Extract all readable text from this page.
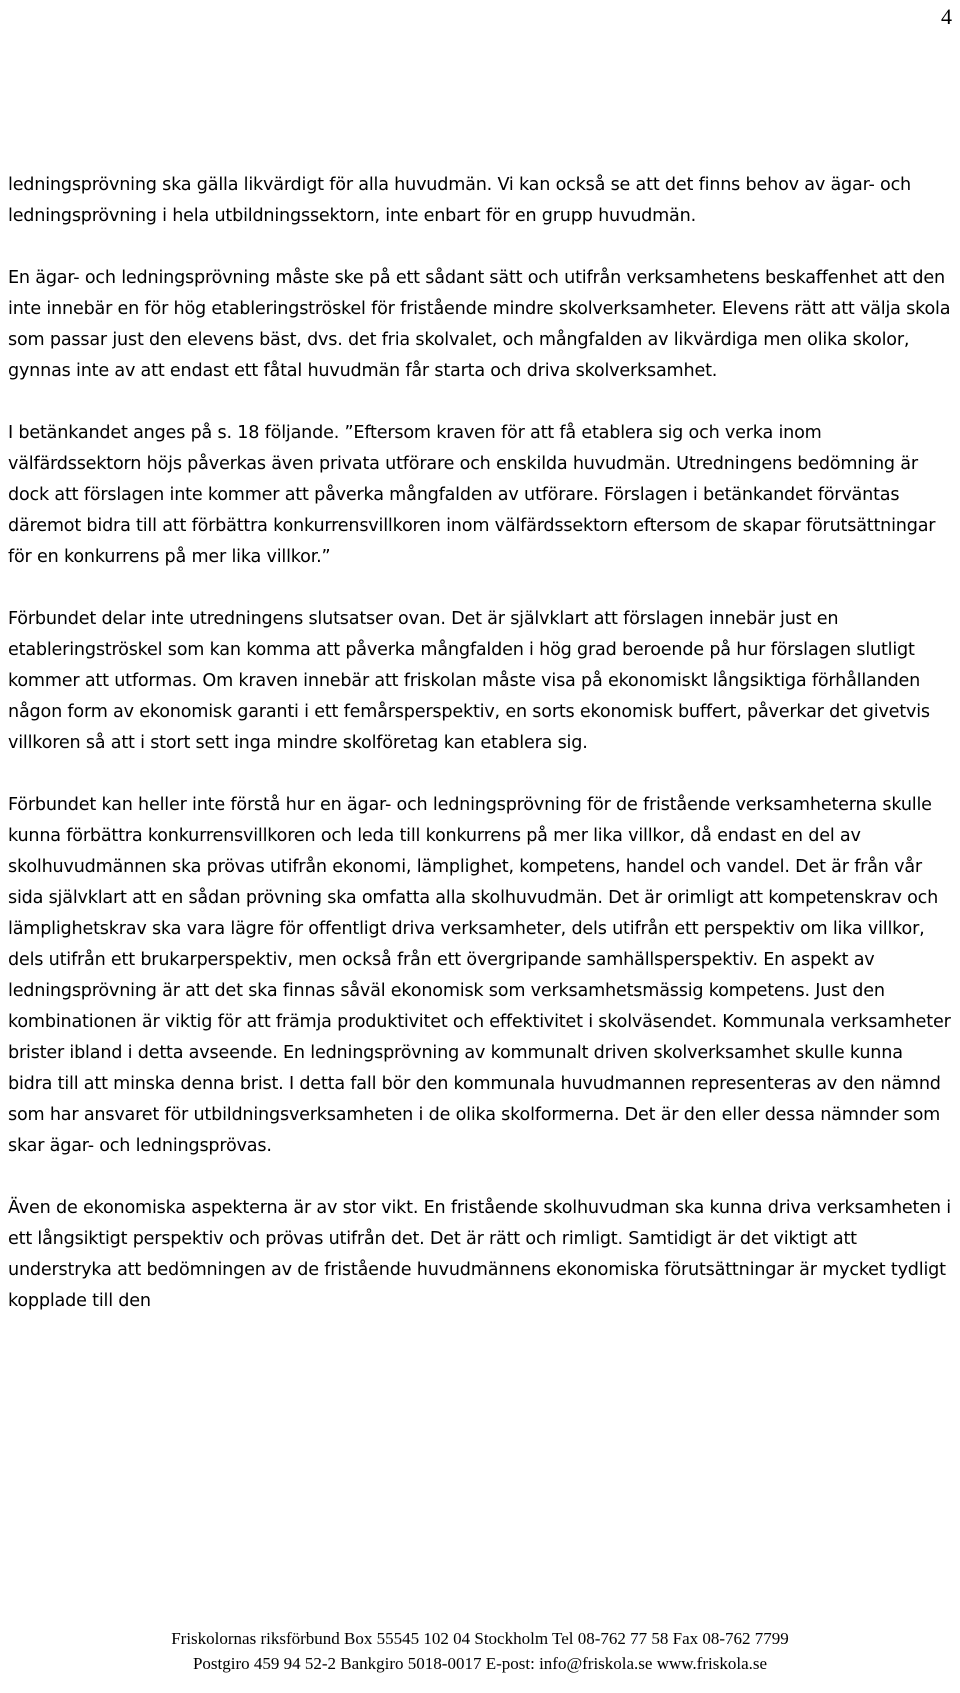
4

ledningsprövning ska gälla likvärdigt för alla huvudmän. Vi kan också se att det finns behov av ägar- och ledningsprövning i hela utbildningssektorn, inte enbart för en grupp huvudmän.

En ägar- och ledningsprövning måste ske på ett sådant sätt och utifrån verksamhetens beskaffenhet att den inte innebär en för hög etableringströskel för fristående mindre skolverksamheter. Elevens rätt att välja skola som passar just den elevens bäst, dvs. det fria skolvalet, och mångfalden av likvärdiga men olika skolor, gynnas inte av att endast ett fåtal huvudmän får starta och driva skolverksamhet.

I betänkandet anges på s. 18 följande. ”Eftersom kraven för att få etablera sig och verka inom välfärdssektorn höjs påverkas även privata utförare och enskilda huvudmän. Utredningens bedömning är dock att förslagen inte kommer att påverka mångfalden av utförare. Förslagen i betänkandet förväntas däremot bidra till att förbättra konkurrensvillkoren inom välfärdssektorn eftersom de skapar förutsättningar för en konkurrens på mer lika villkor.”

Förbundet delar inte utredningens slutsatser ovan. Det är självklart att förslagen innebär just en etableringströskel som kan komma att påverka mångfalden i hög grad beroende på hur förslagen slutligt kommer att utformas. Om kraven innebär att friskolan måste visa på ekonomiskt långsiktiga förhållanden någon form av ekonomisk garanti i ett femårsperspektiv, en sorts ekonomisk buffert, påverkar det givetvis villkoren så att i stort sett inga mindre skolföretag kan etablera sig.

Förbundet kan heller inte förstå hur en ägar- och ledningsprövning för de fristående verksamheterna skulle kunna förbättra konkurrensvillkoren och leda till konkurrens på mer lika villkor, då endast en del av skolhuvudmännen ska prövas utifrån ekonomi, lämplighet, kompetens, handel och vandel. Det är från vår sida självklart att en sådan prövning ska omfatta alla skolhuvudmän. Det är orimligt att kompetenskrav och lämplighetskrav ska vara lägre för offentligt driva verksamheter, dels utifrån ett perspektiv om lika villkor, dels utifrån ett brukarperspektiv, men också från ett övergripande samhällsperspektiv. En aspekt av ledningsprövning är att det ska finnas såväl ekonomisk som verksamhetsmässig kompetens. Just den kombinationen är viktig för att främja produktivitet och effektivitet i skolväsendet. Kommunala verksamheter brister ibland i detta avseende. En ledningsprövning av kommunalt driven skolverksamhet skulle kunna bidra till att minska denna brist. I detta fall bör den kommunala huvudmannen representeras av den nämnd som har ansvaret för utbildningsverksamheten i de olika skolformerna. Det är den eller dessa nämnder som skar ägar- och ledningsprövas.

Även de ekonomiska aspekterna är av stor vikt. En fristående skolhuvudman ska kunna driva verksamheten i ett långsiktigt perspektiv och prövas utifrån det. Det är rätt och rimligt. Samtidigt är det viktigt att understryka att bedömningen av de fristående huvudmännens ekonomiska förutsättningar är mycket tydligt kopplade till den

Friskolornas riksförbund Box 55545 102 04 Stockholm Tel 08-762 77 58 Fax 08-762 7799
Postgiro 459 94 52-2 Bankgiro 5018-0017 E-post: info@friskola.se www.friskola.se
